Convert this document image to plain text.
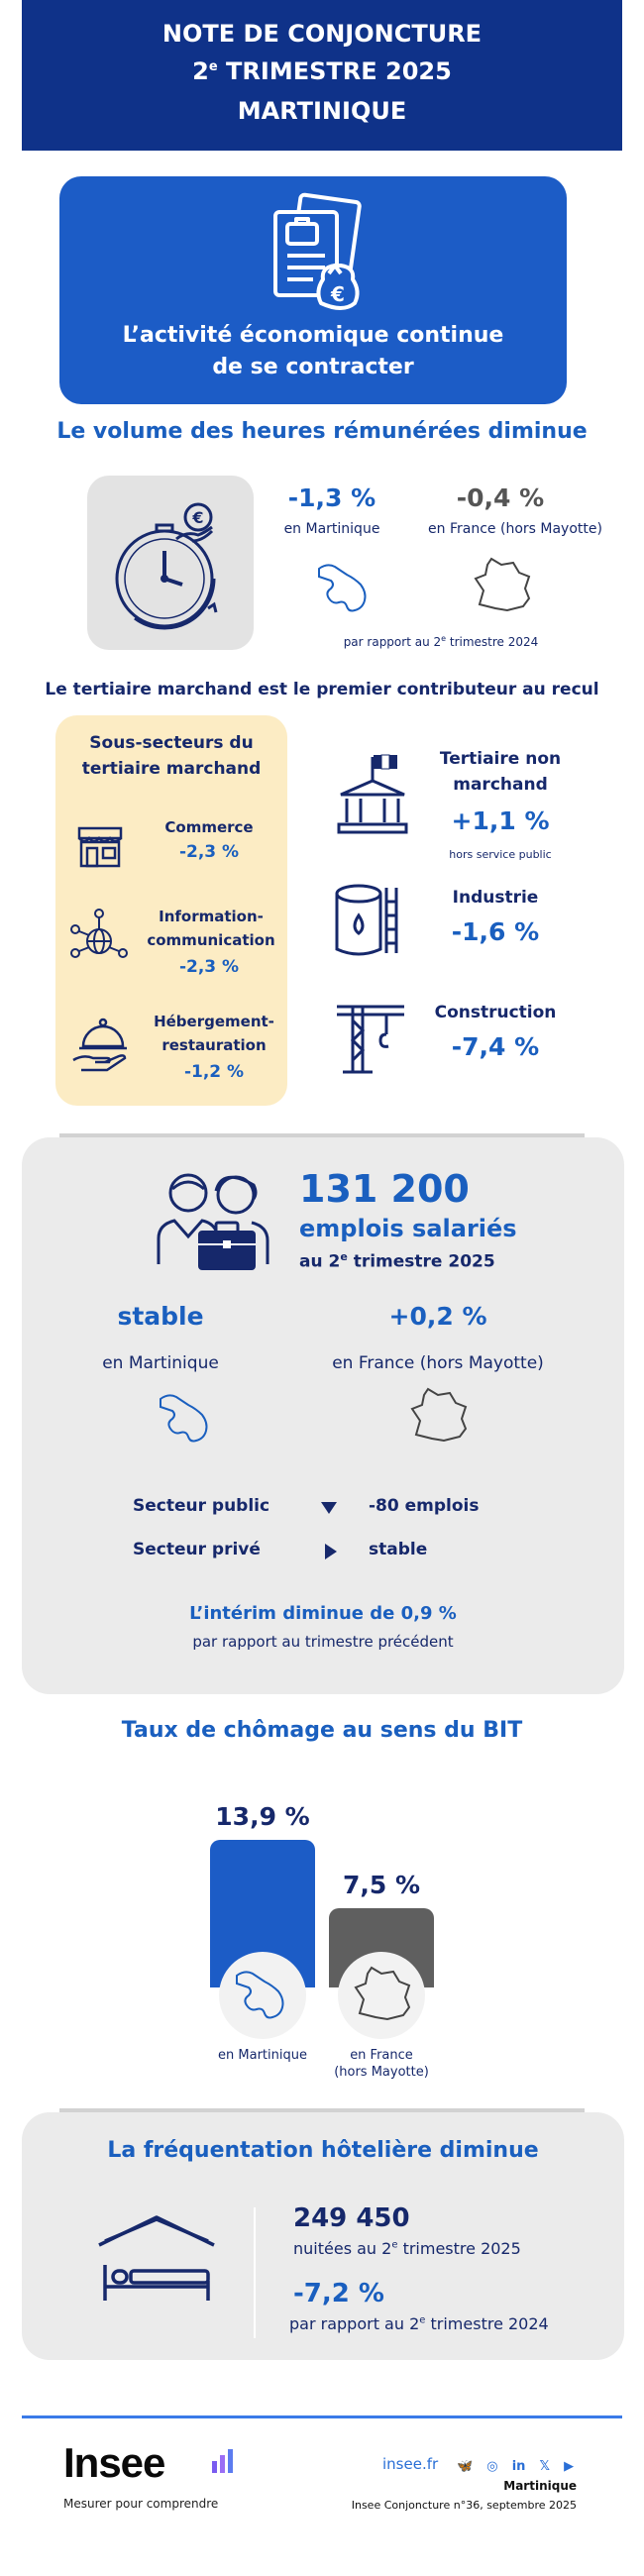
NOTE DE CONJONCTURE
2e TRIMESTRE 2025
MARTINIQUE
€
L’activité économique continue
de se contracter
Le volume des heures rémunérées diminue
€
-1,3 %
en Martinique
-0,4 %
en France (hors Mayotte)
par rapport au 2e trimestre 2024
Le tertiaire marchand est le premier contributeur au recul
Sous-secteurs du
tertiaire marchand
Commerce
-2,3 %
Information-
communication
-2,3 %
Hébergement-
restauration
-1,2 %
Tertiaire non
marchand
+1,1 %
hors service public
Industrie
-1,6 %
Construction
-7,4 %
131 200
emplois salariés
au 2e trimestre 2025
stable
en Martinique
+0,2 %
en France (hors Mayotte)
Secteur public	-80 emplois
Secteur privé	stable
L’intérim diminue de 0,9 %
par rapport au trimestre précédent
Taux de chômage au sens du BIT
13,9 %
en Martinique
7,5 %
en France
(hors Mayotte)
La fréquentation hôtelière diminue
249 450
nuitées au 2e trimestre 2025
-7,2 %
par rapport au 2e trimestre 2024
Insee
Mesurer pour comprendre
insee.fr	🦋 ◎ in 𝕏 ▶
Martinique
Insee Conjoncture n°36, septembre 2025
